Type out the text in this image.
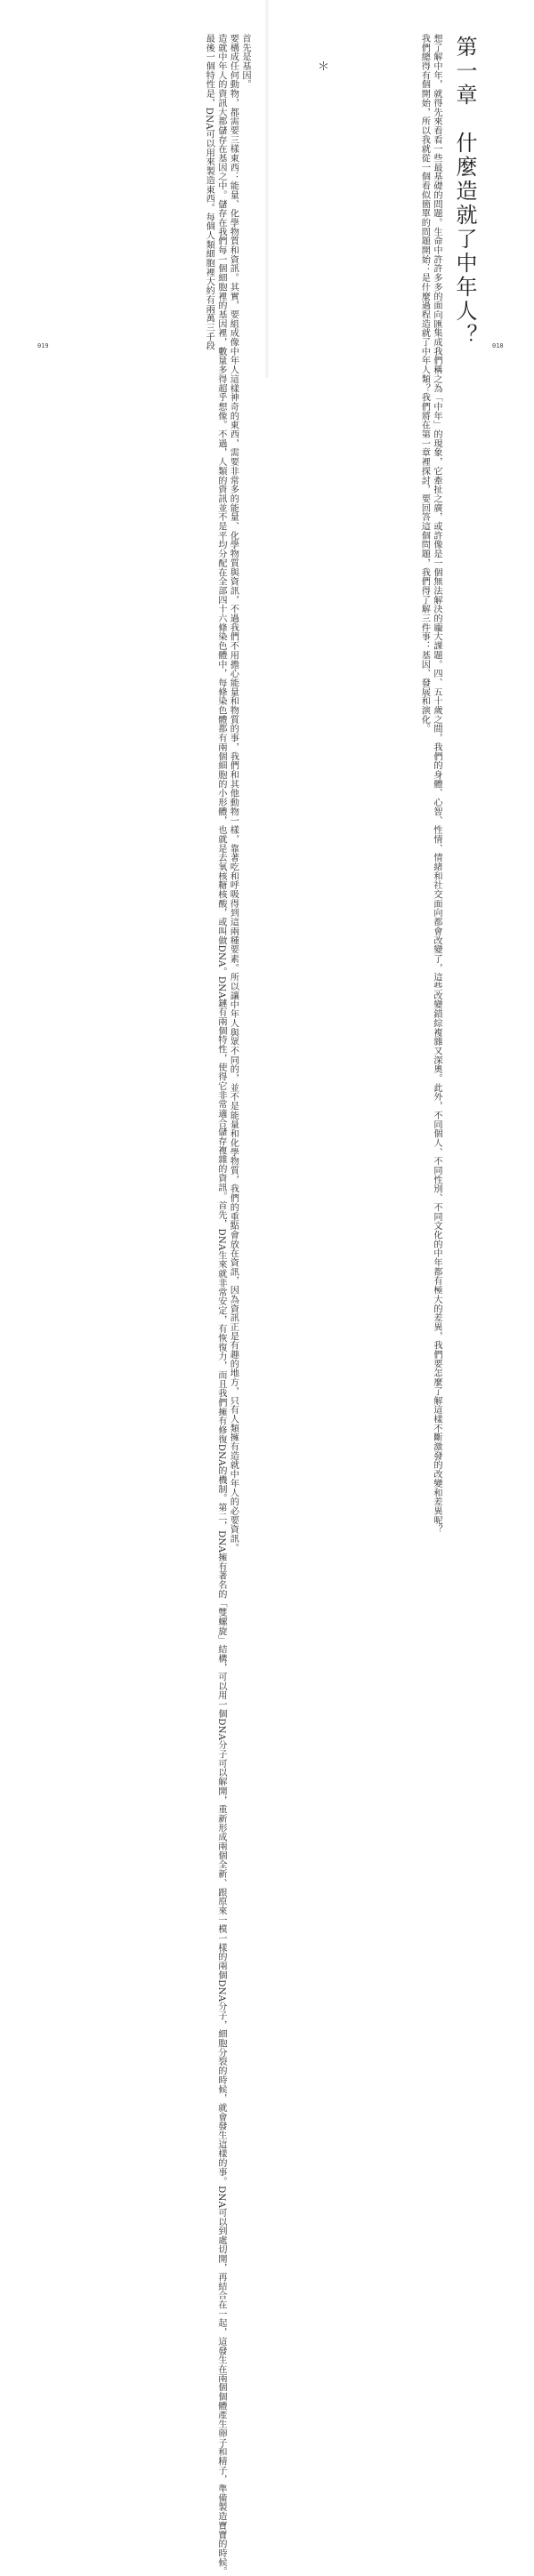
第一章　什麼造就了中年人？

想了解中年，就得先來看看一些最基礎的問題。生命中許許多多的面向匯集成我們稱之為「中年」的現象，它牽扯之廣，或許像是一個無法解決的龐大課題。四、五十歲之間，我們的身體、心智、性情、情緒和社交面向都會改變了，這些改變錯綜複雜又深奧。此外，不同個人、不同性別、不同文化的中年都有極大的差異，我們要怎麼了解這樣不斷激發的改變和差異呢？

我們總得有個開始，所以我就從一個看似簡單的問題開始：是什麼過程造就了中年人類？我們將在第一章裡探討，要回答這個問題，我們得了解三件事：基因、發展和演化。

＊

首先是基因。

要構成任何動物，都需要三樣東西：能量、化學物質和資訊。其實，要組成像中年人這樣神奇的東西，需要非常多的能量、化學物質與資訊，不過我們不用擔心能量和物質的事，我們和其他動物一樣，靠著吃和呼吸得到這兩種要素。所以讓中年人與眾不同的，並不是能量和化學物質，我們的重點會放在資訊，因為資訊正是有趣的地方，只有人類擁有造就中年人的必要資訊。

造就中年人的資訊大都儲存在基因之中。儲存在我們每一個細胞裡的基因裡，數量多得超乎想像。不過，人類的資訊並不是平均分配在全部四十六條染色體中，每條染色體都有兩個細胞的小形體，也就是去氧核糖核酸，或叫做DNA。DNA鏈有兩個特性，使得它非常適合儲存複雜的資訊。首先，DNA生來就非常安定，有恢復力，而且我們擁有修復DNA的機制。第二，DNA擁有著名的「雙螺旋」結構，可以用一個DNA分子可以解開，重新形成兩個全新、跟原來一模一樣的兩個DNA分子，細胞分裂的時候，就會發生這樣的事。DNA可以到處切開，再結合在一起，這發生在兩個個體產生卵子和精子，準備製造寶寶的時候。

最後一個特性是，DNA可以用來製造東西。每個人類細胞裡大約有兩萬三千段

019	018
